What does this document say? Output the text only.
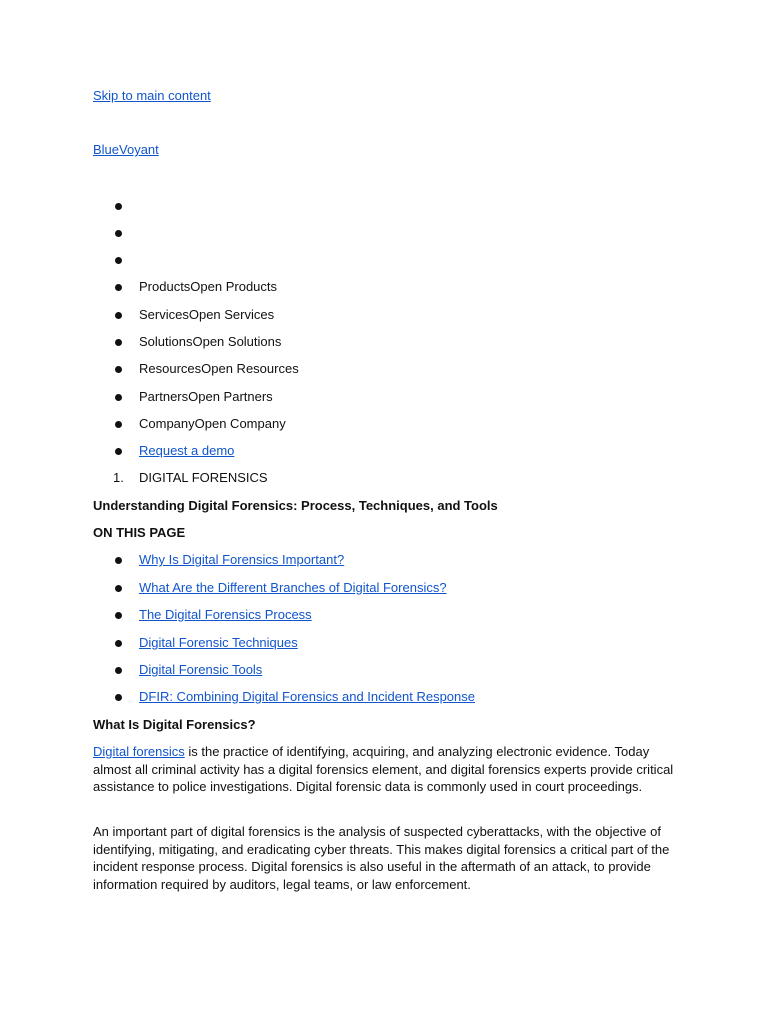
Skip to main content
BlueVoyant
ProductsOpen Products
ServicesOpen Services
SolutionsOpen Solutions
ResourcesOpen Resources
PartnersOpen Partners
CompanyOpen Company
Request a demo
1. DIGITAL FORENSICS
Understanding Digital Forensics: Process, Techniques, and Tools
ON THIS PAGE
Why Is Digital Forensics Important?
What Are the Different Branches of Digital Forensics?
The Digital Forensics Process
Digital Forensic Techniques
Digital Forensic Tools
DFIR: Combining Digital Forensics and Incident Response
What Is Digital Forensics?

Digital forensics is the practice of identifying, acquiring, and analyzing electronic evidence. Today almost all criminal activity has a digital forensics element, and digital forensics experts provide critical assistance to police investigations. Digital forensic data is commonly used in court proceedings.

An important part of digital forensics is the analysis of suspected cyberattacks, with the objective of identifying, mitigating, and eradicating cyber threats. This makes digital forensics a critical part of the incident response process. Digital forensics is also useful in the aftermath of an attack, to provide information required by auditors, legal teams, or law enforcement.
